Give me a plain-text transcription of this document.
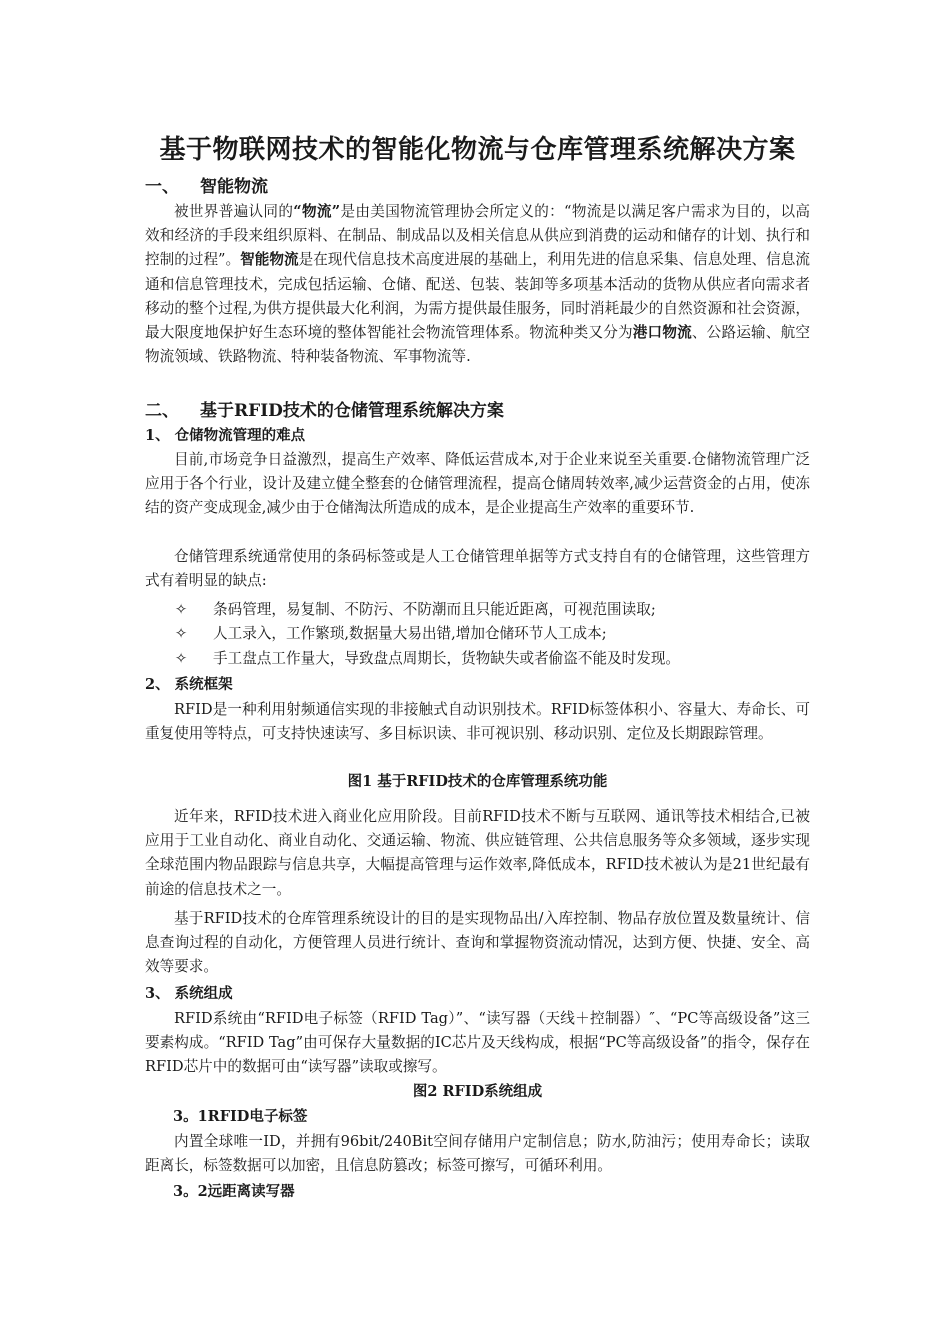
基于物联网技术的智能化物流与仓库管理系统解决方案
一、 智能物流
被世界普遍认同的“物流”是由美国物流管理协会所定义的：“物流是以满足客户需求为目的，以高效和经济的手段来组织原料、在制品、制成品以及相关信息从供应到消费的运动和储存的计划、执行和控制的过程”。智能物流是在现代信息技术高度进展的基础上，利用先进的信息采集、信息处理、信息流通和信息管理技术，完成包括运输、仓储、配送、包装、装卸等多项基本活动的货物从供应者向需求者移动的整个过程,为供方提供最大化利润，为需方提供最佳服务，同时消耗最少的自然资源和社会资源，最大限度地保护好生态环境的整体智能社会物流管理体系。物流种类又分为港口物流、公路运输、航空物流领域、铁路物流、特种装备物流、军事物流等.
二、 基于RFID技术的仓储管理系统解决方案
1、 仓储物流管理的难点
目前,市场竞争日益激烈，提高生产效率、降低运营成本,对于企业来说至关重要.仓储物流管理广泛应用于各个行业，设计及建立健全整套的仓储管理流程，提高仓储周转效率,减少运营资金的占用，使冻结的资产变成现金,减少由于仓储淘汰所造成的成本，是企业提高生产效率的重要环节.
仓储管理系统通常使用的条码标签或是人工仓储管理单据等方式支持自有的仓储管理，这些管理方式有着明显的缺点:
✧ 条码管理，易复制、不防污、不防潮而且只能近距离，可视范围读取;
✧ 人工录入，工作繁琐,数据量大易出错,增加仓储环节人工成本;
✧ 手工盘点工作量大，导致盘点周期长，货物缺失或者偷盗不能及时发现。
2、 系统框架
RFID是一种利用射频通信实现的非接触式自动识别技术。RFID标签体积小、容量大、寿命长、可重复使用等特点，可支持快速读写、多目标识读、非可视识别、移动识别、定位及长期跟踪管理。
图1 基于RFID技术的仓库管理系统功能
近年来，RFID技术进入商业化应用阶段。目前RFID技术不断与互联网、通讯等技术相结合,已被应用于工业自动化、商业自动化、交通运输、物流、供应链管理、公共信息服务等众多领域，逐步实现全球范围内物品跟踪与信息共享，大幅提高管理与运作效率,降低成本，RFID技术被认为是21世纪最有前途的信息技术之一。
基于RFID技术的仓库管理系统设计的目的是实现物品出/入库控制、物品存放位置及数量统计、信息查询过程的自动化，方便管理人员进行统计、查询和掌握物资流动情况，达到方便、快捷、安全、高效等要求。
3、 系统组成
RFID系统由“RFID电子标签（RFID Tag）”、“读写器（天线＋控制器）″、“PC等高级设备”这三要素构成。“RFID Tag”由可保存大量数据的IC芯片及天线构成，根据“PC等高级设备”的指令，保存在RFID芯片中的数据可由“读写器”读取或擦写。
图2 RFID系统组成
3。1RFID电子标签
内置全球唯一ID，并拥有96bit/240Bit空间存储用户定制信息；防水,防油污；使用寿命长；读取距离长，标签数据可以加密，且信息防篡改；标签可擦写，可循环利用。
3。2远距离读写器
